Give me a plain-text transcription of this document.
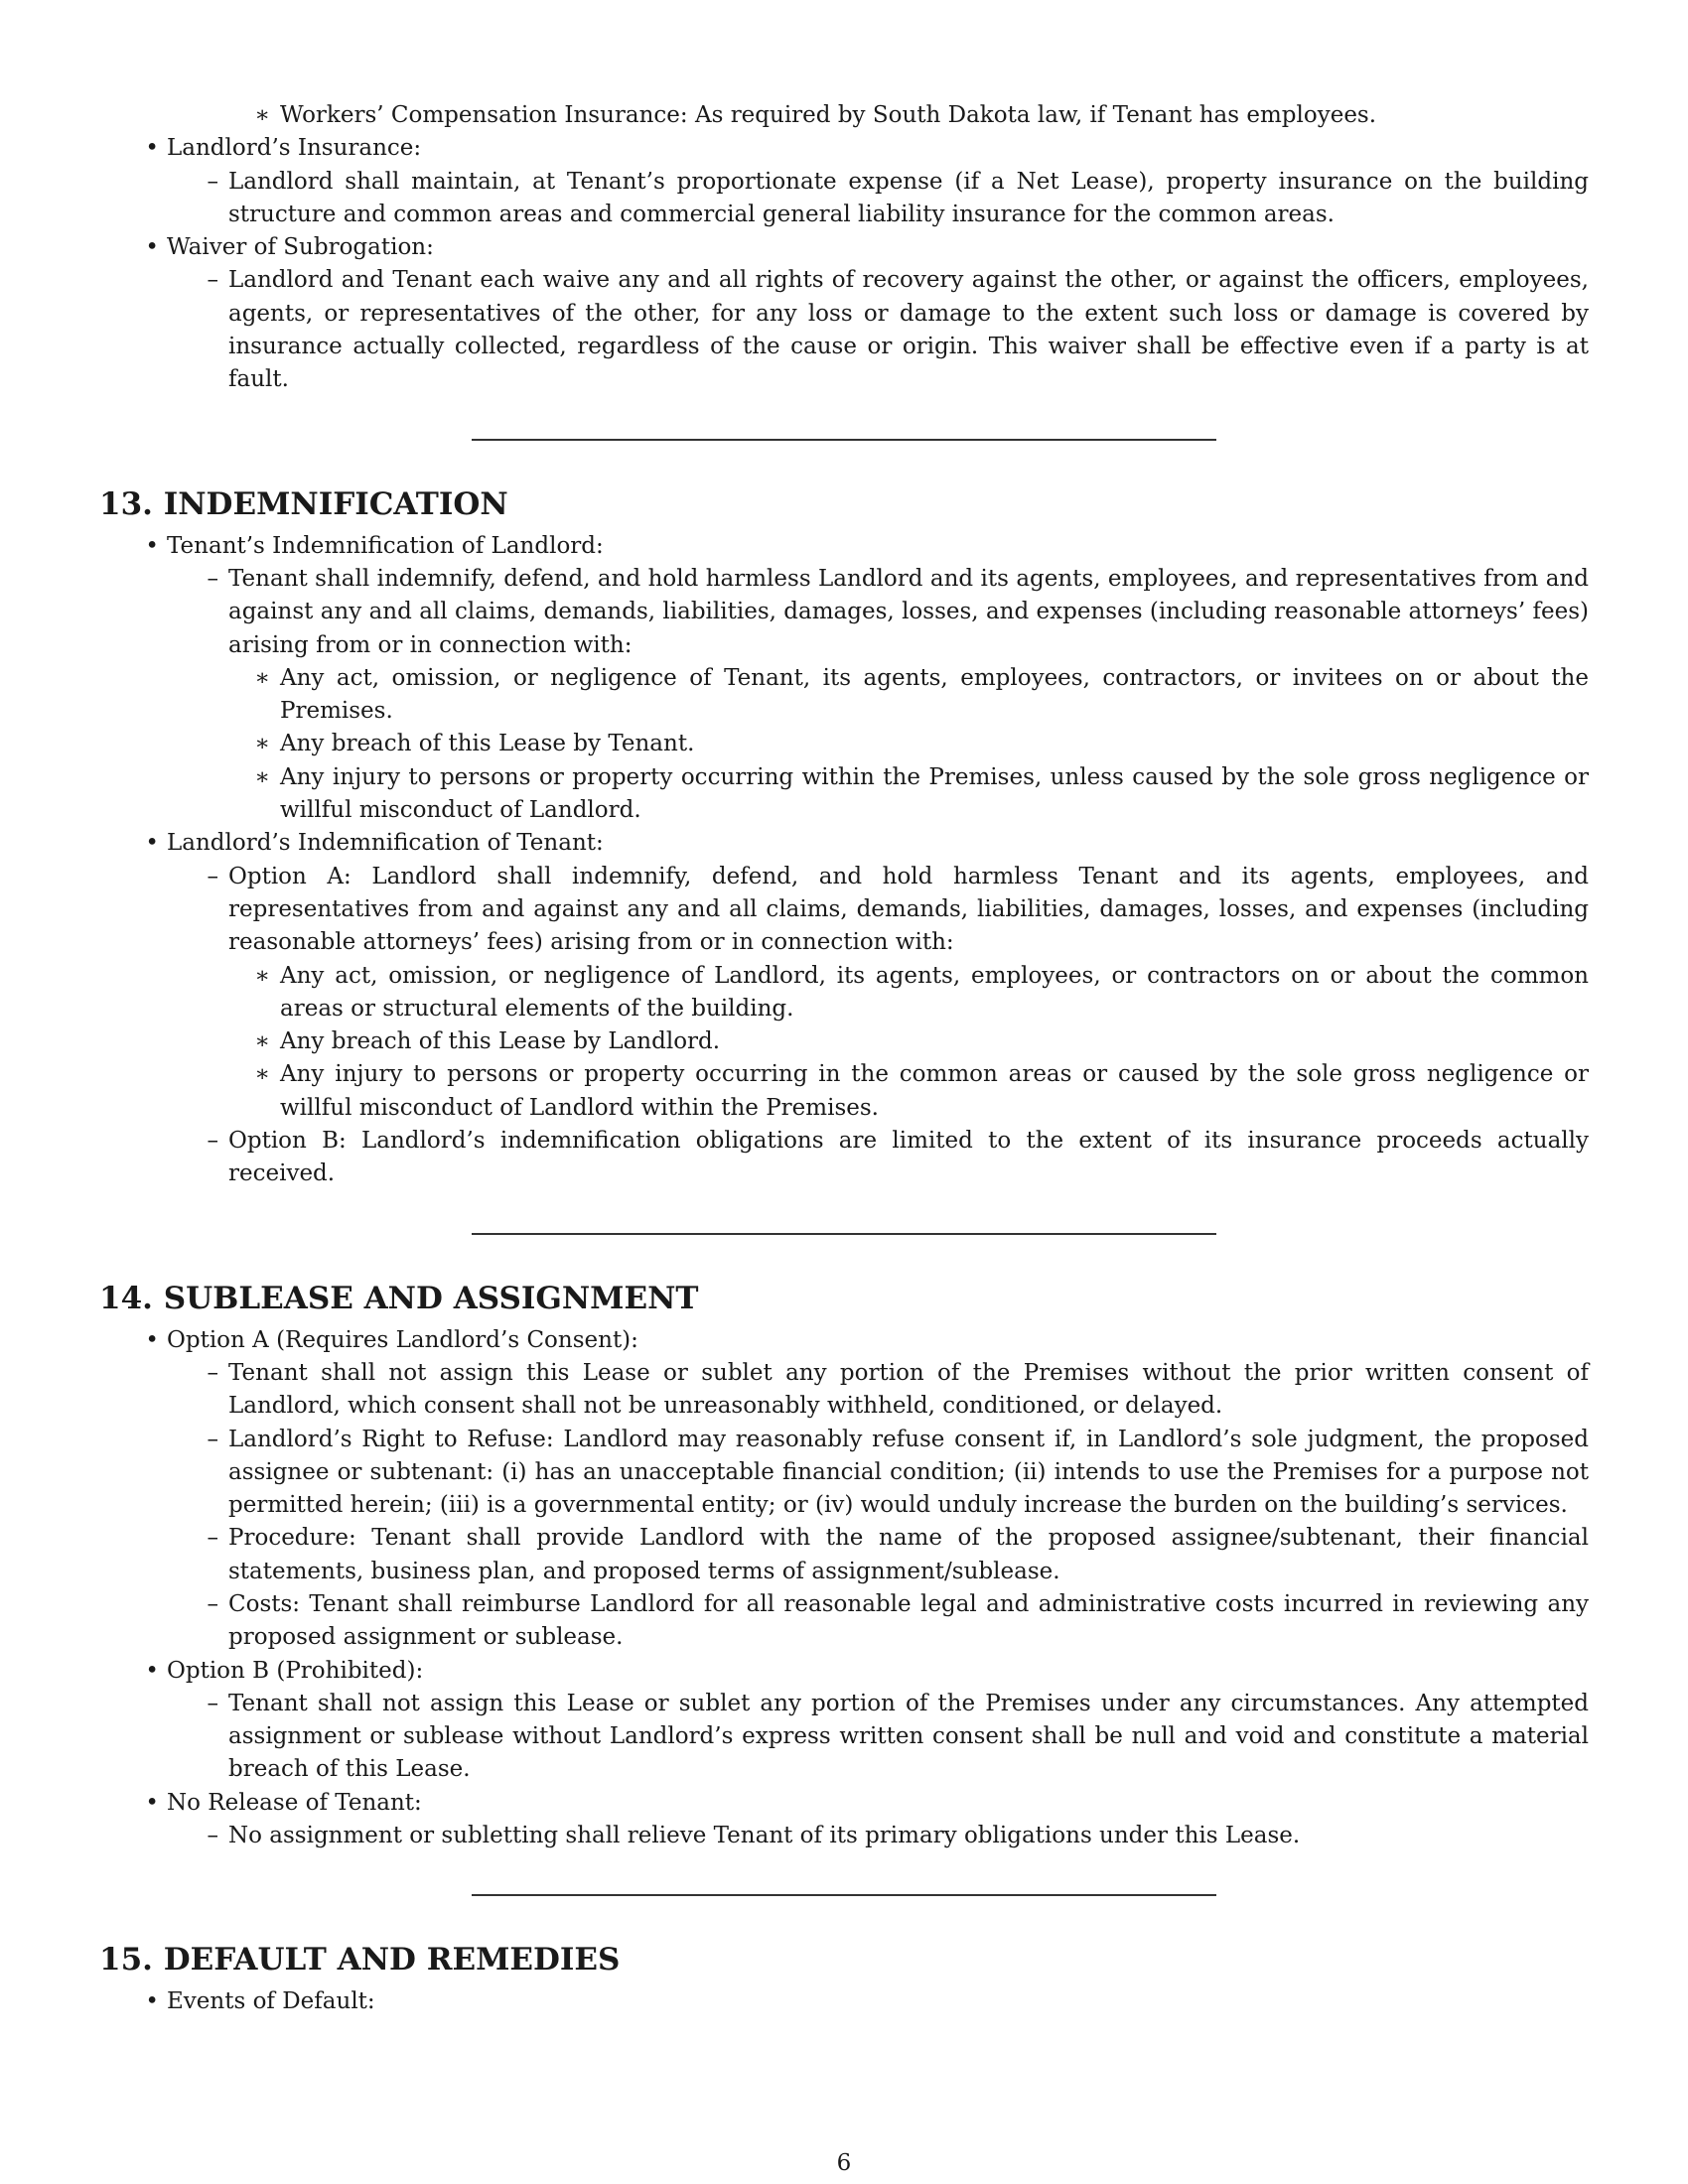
∗ Workers’ Compensation Insurance: As required by South Dakota law, if Tenant has employees.
• Landlord’s Insurance:
– Landlord shall maintain, at Tenant’s proportionate expense (if a Net Lease), property insurance on the building structure and common areas and commercial general liability insurance for the common areas.
• Waiver of Subrogation:
– Landlord and Tenant each waive any and all rights of recovery against the other, or against the officers, employees, agents, or representatives of the other, for any loss or damage to the extent such loss or damage is covered by insurance actually collected, regardless of the cause or origin. This waiver shall be effective even if a party is at fault.
13. INDEMNIFICATION
• Tenant’s Indemnification of Landlord:
– Tenant shall indemnify, defend, and hold harmless Landlord and its agents, employees, and representatives from and against any and all claims, demands, liabilities, damages, losses, and expenses (including reasonable attorneys’ fees) arising from or in connection with:
∗ Any act, omission, or negligence of Tenant, its agents, employees, contractors, or invitees on or about the Premises.
∗ Any breach of this Lease by Tenant.
∗ Any injury to persons or property occurring within the Premises, unless caused by the sole gross negligence or willful misconduct of Landlord.
• Landlord’s Indemnification of Tenant:
– Option A: Landlord shall indemnify, defend, and hold harmless Tenant and its agents, employees, and representatives from and against any and all claims, demands, liabilities, damages, losses, and expenses (including reasonable attorneys’ fees) arising from or in connection with:
∗ Any act, omission, or negligence of Landlord, its agents, employees, or contractors on or about the common areas or structural elements of the building.
∗ Any breach of this Lease by Landlord.
∗ Any injury to persons or property occurring in the common areas or caused by the sole gross negligence or willful misconduct of Landlord within the Premises.
– Option B: Landlord’s indemnification obligations are limited to the extent of its insurance proceeds actually received.
14. SUBLEASE AND ASSIGNMENT
• Option A (Requires Landlord’s Consent):
– Tenant shall not assign this Lease or sublet any portion of the Premises without the prior written consent of Landlord, which consent shall not be unreasonably withheld, conditioned, or delayed.
– Landlord’s Right to Refuse: Landlord may reasonably refuse consent if, in Landlord’s sole judgment, the proposed assignee or subtenant: (i) has an unacceptable financial condition; (ii) intends to use the Premises for a purpose not permitted herein; (iii) is a governmental entity; or (iv) would unduly increase the burden on the building’s services.
– Procedure: Tenant shall provide Landlord with the name of the proposed assignee/subtenant, their financial statements, business plan, and proposed terms of assignment/sublease.
– Costs: Tenant shall reimburse Landlord for all reasonable legal and administrative costs incurred in reviewing any proposed assignment or sublease.
• Option B (Prohibited):
– Tenant shall not assign this Lease or sublet any portion of the Premises under any circumstances. Any attempted assignment or sublease without Landlord’s express written consent shall be null and void and constitute a material breach of this Lease.
• No Release of Tenant:
– No assignment or subletting shall relieve Tenant of its primary obligations under this Lease.
15. DEFAULT AND REMEDIES
• Events of Default:
6
